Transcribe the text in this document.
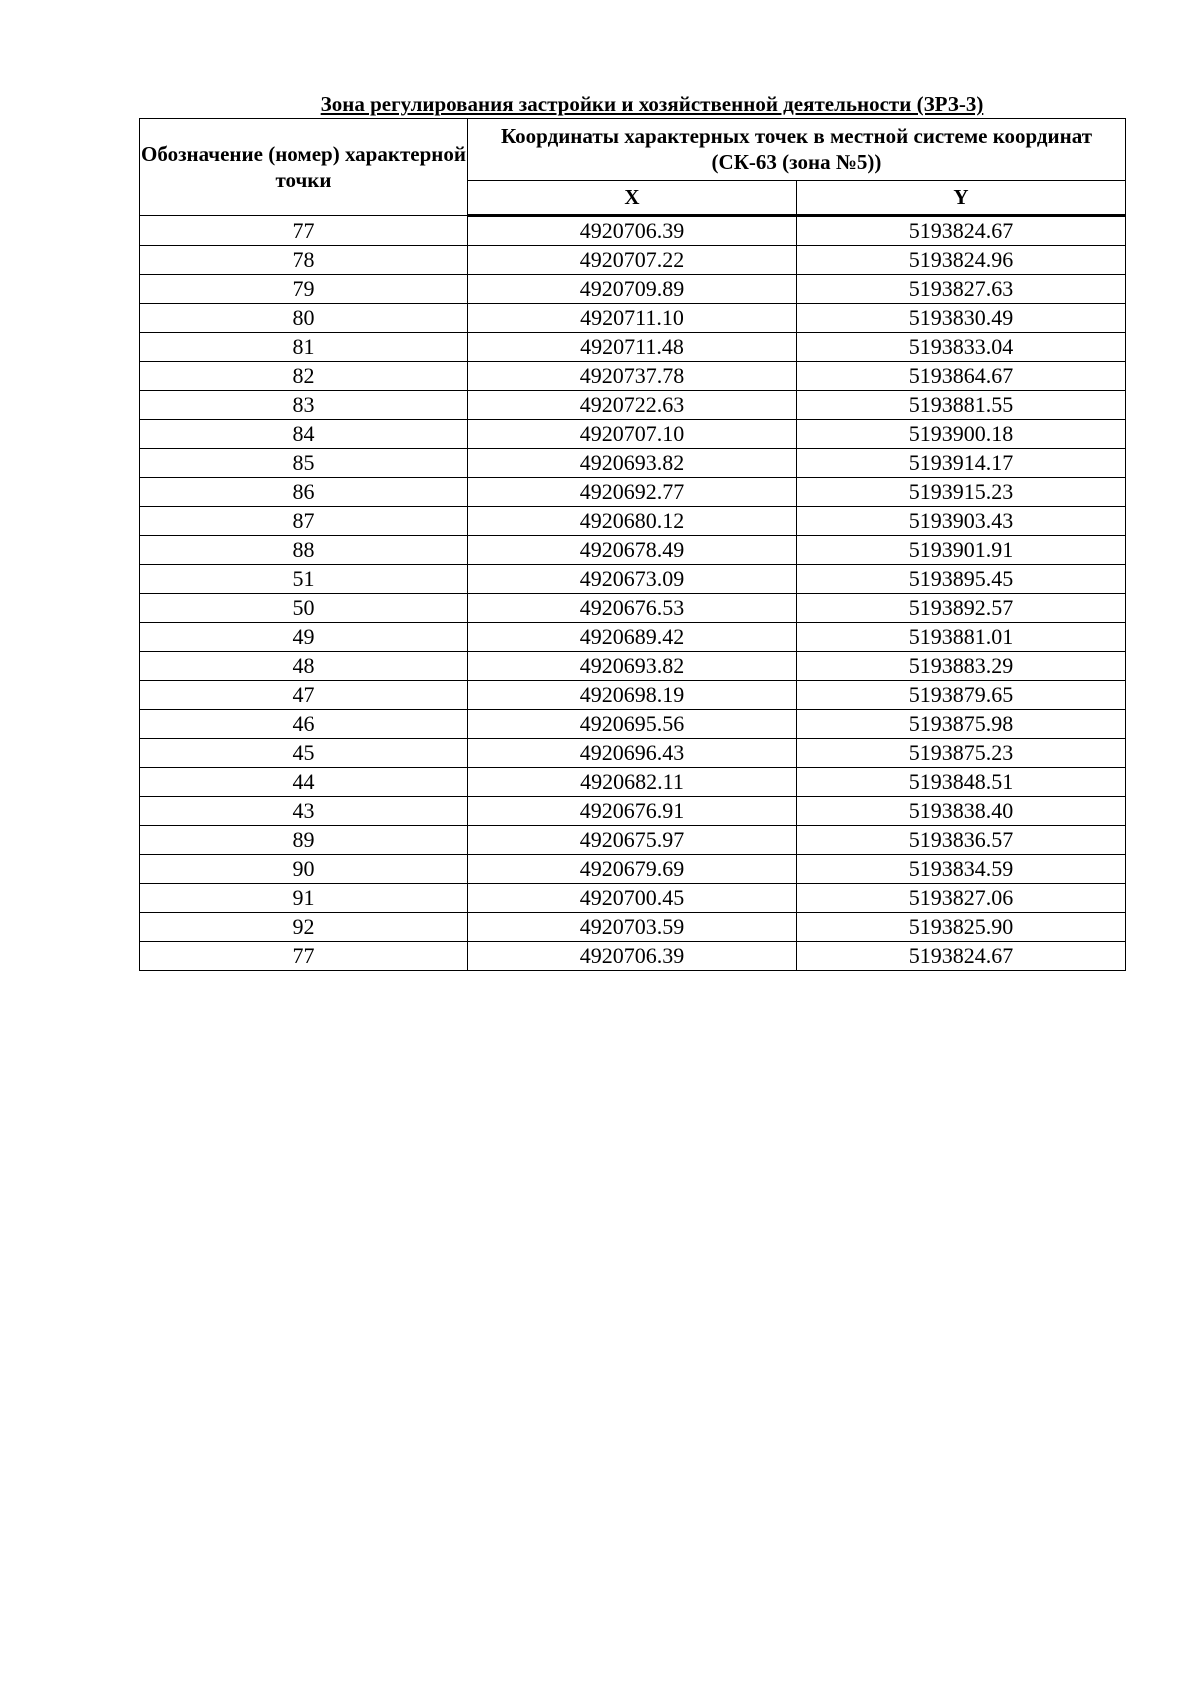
Зона регулирования застройки и хозяйственной деятельности (ЗРЗ-3)
Обозначение (номер) характерной точки	Координаты характерных точек в местной системе координат (СК-63 (зона №5))	
	X	Y
77	4920706.39	5193824.67
78	4920707.22	5193824.96
79	4920709.89	5193827.63
80	4920711.10	5193830.49
81	4920711.48	5193833.04
82	4920737.78	5193864.67
83	4920722.63	5193881.55
84	4920707.10	5193900.18
85	4920693.82	5193914.17
86	4920692.77	5193915.23
87	4920680.12	5193903.43
88	4920678.49	5193901.91
51	4920673.09	5193895.45
50	4920676.53	5193892.57
49	4920689.42	5193881.01
48	4920693.82	5193883.29
47	4920698.19	5193879.65
46	4920695.56	5193875.98
45	4920696.43	5193875.23
44	4920682.11	5193848.51
43	4920676.91	5193838.40
89	4920675.97	5193836.57
90	4920679.69	5193834.59
91	4920700.45	5193827.06
92	4920703.59	5193825.90
77	4920706.39	5193824.67
